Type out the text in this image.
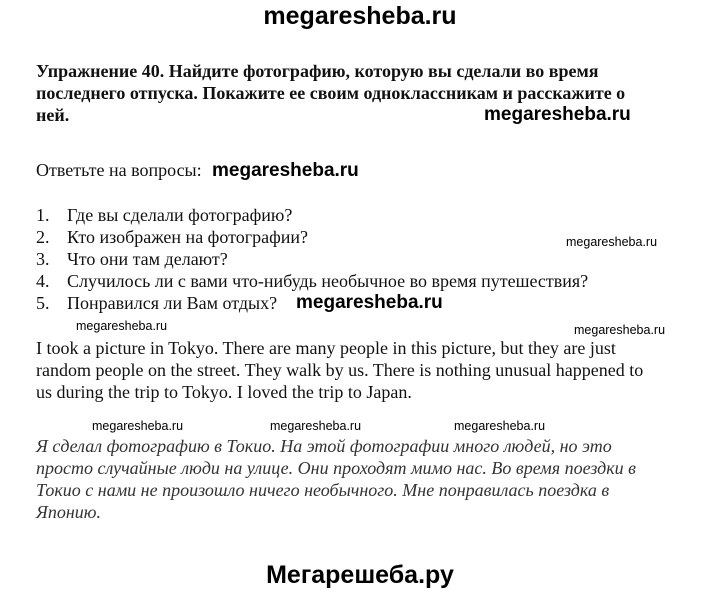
megaresheba.ru
Упражнение 40. Найдите фотографию, которую вы сделали во время
последнего отпуска. Покажите ее своим одноклассникам и расскажите о
ней.	megaresheba.ru
Ответьте на вопросы: megaresheba.ru
1. Где вы сделали фотографию?
2. Кто изображен на фотографии?	megaresheba.ru
3. Что они там делают?
4. Случилось ли с вами что-нибудь необычное во время путешествия?
5. Понравился ли Вам отдых? megaresheba.ru
megaresheba.ru	megaresheba.ru
I took a picture in Tokyo. There are many people in this picture, but they are just
random people on the street. They walk by us. There is nothing unusual happened to
us during the trip to Tokyo. I loved the trip to Japan.
megaresheba.ru	megaresheba.ru	megaresheba.ru
Я сделал фотографию в Токио. На этой фотографии много людей, но это
просто случайные люди на улице. Они проходят мимо нас. Во время поездки в
Токио с нами не произошло ничего необычного. Мне понравилась поездка в
Японию.
Мегарешеба.ру
